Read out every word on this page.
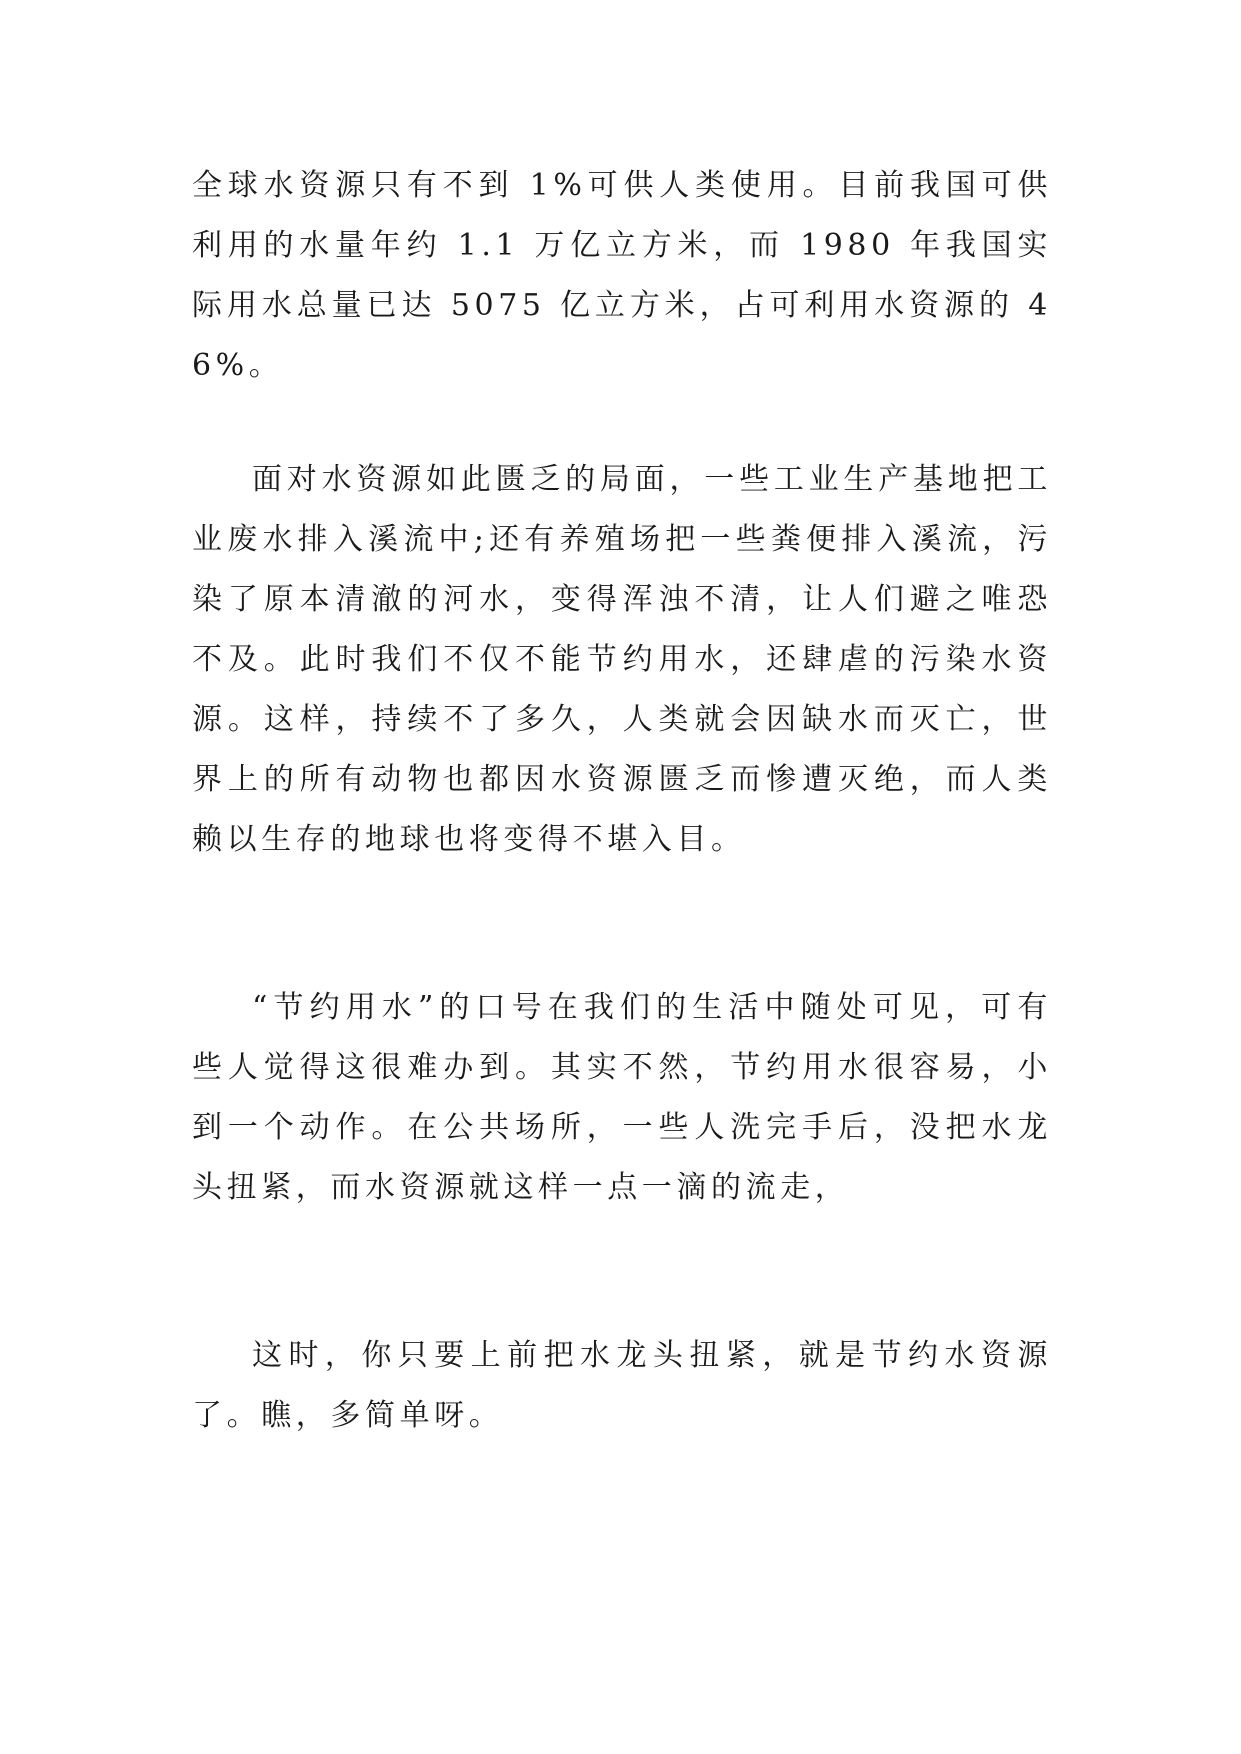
全球水资源只有不到 1%可供人类使用。目前我国可供利用的水量年约 1.1 万亿立方米，而 1980 年我国实际用水总量已达 5075 亿立方米，占可利用水资源的 46%。

面对水资源如此匮乏的局面，一些工业生产基地把工业废水排入溪流中;还有养殖场把一些粪便排入溪流，污染了原本清澈的河水，变得浑浊不清，让人们避之唯恐不及。此时我们不仅不能节约用水，还肆虐的污染水资源。这样，持续不了多久，人类就会因缺水而灭亡，世界上的所有动物也都因水资源匮乏而惨遭灭绝，而人类赖以生存的地球也将变得不堪入目。

“节约用水”的口号在我们的生活中随处可见，可有些人觉得这很难办到。其实不然，节约用水很容易，小到一个动作。在公共场所，一些人洗完手后，没把水龙头扭紧，而水资源就这样一点一滴的流走，

这时，你只要上前把水龙头扭紧，就是节约水资源了。瞧，多简单呀。
